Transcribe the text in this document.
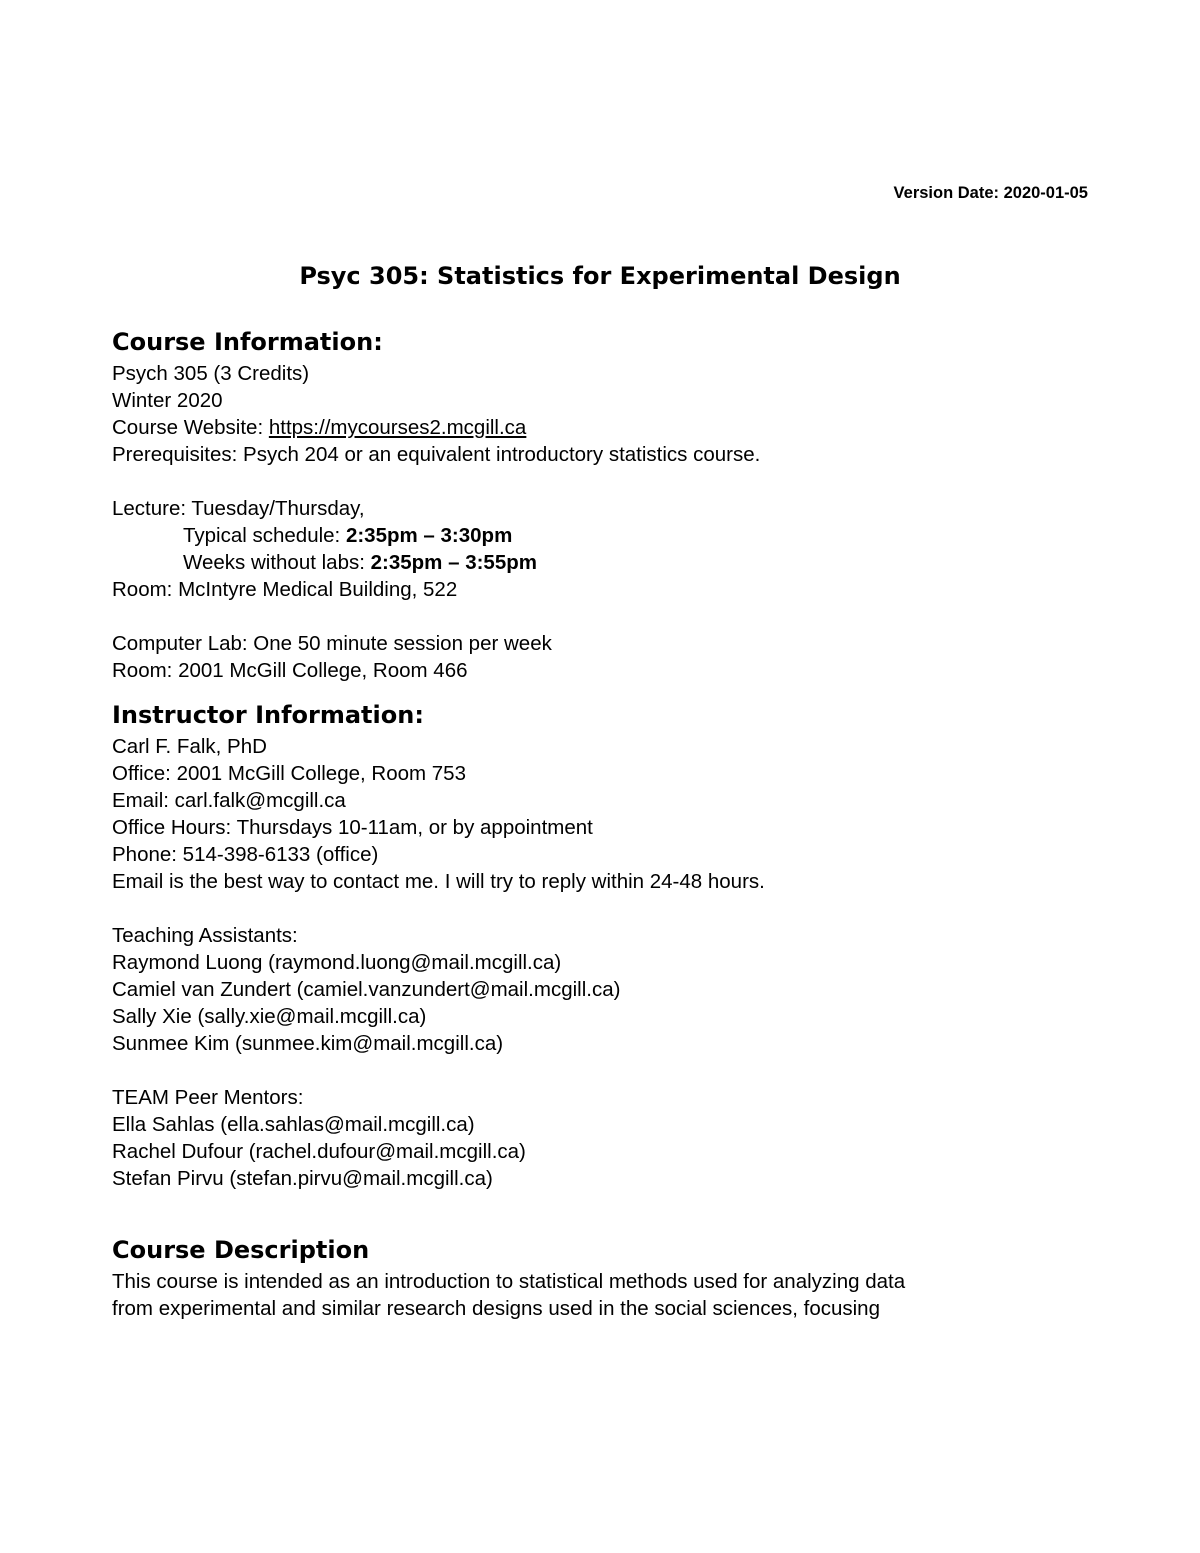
Version Date: 2020-01-05
Psyc 305: Statistics for Experimental Design
Course Information:
Psych 305 (3 Credits)
Winter 2020
Course Website: https://mycourses2.mcgill.ca
Prerequisites: Psych 204 or an equivalent introductory statistics course.
Lecture: Tuesday/Thursday,
Typical schedule: 2:35pm – 3:30pm
Weeks without labs: 2:35pm – 3:55pm
Room: McIntyre Medical Building, 522
Computer Lab: One 50 minute session per week
Room: 2001 McGill College, Room 466
Instructor Information:
Carl F. Falk, PhD
Office: 2001 McGill College, Room 753
Email: carl.falk@mcgill.ca
Office Hours: Thursdays 10-11am, or by appointment
Phone: 514-398-6133 (office)
Email is the best way to contact me. I will try to reply within 24-48 hours.
Teaching Assistants:
Raymond Luong (raymond.luong@mail.mcgill.ca)
Camiel van Zundert (camiel.vanzundert@mail.mcgill.ca)
Sally Xie (sally.xie@mail.mcgill.ca)
Sunmee Kim (sunmee.kim@mail.mcgill.ca)
TEAM Peer Mentors:
Ella Sahlas (ella.sahlas@mail.mcgill.ca)
Rachel Dufour (rachel.dufour@mail.mcgill.ca)
Stefan Pirvu (stefan.pirvu@mail.mcgill.ca)
Course Description
This course is intended as an introduction to statistical methods used for analyzing data
from experimental and similar research designs used in the social sciences, focusing
